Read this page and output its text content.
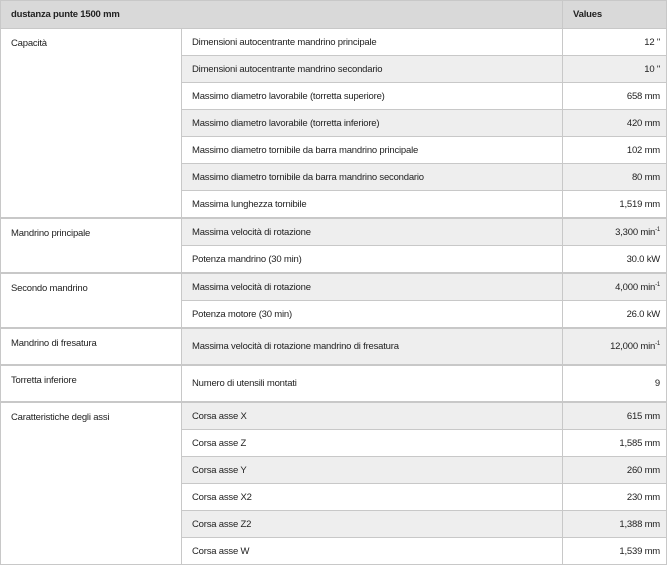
dustanza punte 1500 mm		Values
Capacità	Dimensioni autocentrante mandrino principale	12 "
	Dimensioni autocentrante mandrino secondario	10 "
	Massimo diametro lavorabile (torretta superiore)	658 mm
	Massimo diametro lavorabile (torretta inferiore)	420 mm
	Massimo diametro tornibile da barra mandrino principale	102 mm
	Massimo diametro tornibile da barra mandrino secondario	80 mm
	Massima lunghezza tornibile	1,519 mm
Mandrino principale	Massima velocità di rotazione	3,300 $\min^{-1}$
	Potenza mandrino (30 min)	30.0 kW
Secondo mandrino	Massima velocità di rotazione	4,000 $\min^{-1}$
	Potenza motore (30 min)	26.0 kW
Mandrino di fresatura	Massima velocità di rotazione mandrino di fresatura	12,000 $\min^{-1}$
Torretta inferiore	Numero di utensili montati	9
Caratteristiche degli assi	Corsa asse X	615 mm
	Corsa asse Z	1,585 mm
	Corsa asse Y	260 mm
	Corsa asse X2	230 mm
	Corsa asse Z2	1,388 mm
	Corsa asse W	1,539 mm
